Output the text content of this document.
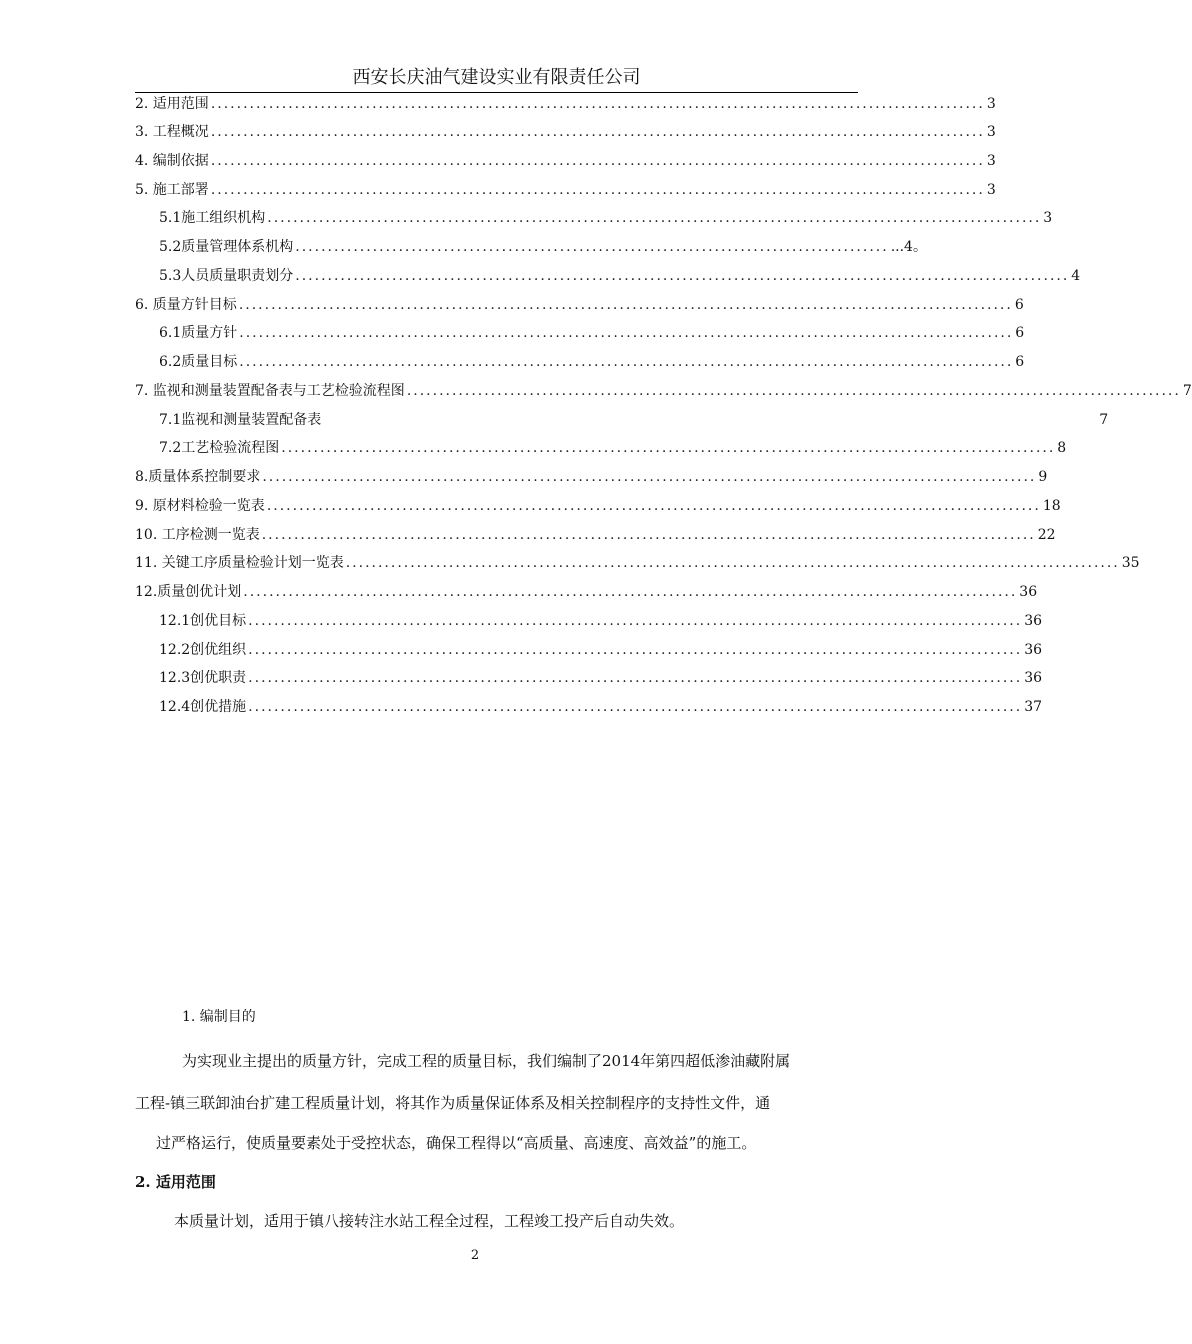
西安长庆油气建设实业有限责任公司
2. 适用范围 ........................................................................................................................ 3
3. 工程概况 ........................................................................................................................ 3
4. 编制依据 ........................................................................................................................ 3
5. 施工部署 ........................................................................................................................ 3
5.1施工组织机构 ........................................................................................................................ 3
5.2质量管理体系机构 ............................................................................................ ...4。
5.3人员质量职责划分 ........................................................................................................................ 4
6. 质量方针目标 ........................................................................................................................ 6
6.1质量方针 ........................................................................................................................ 6
6.2质量目标 ........................................................................................................................ 6
7. 监视和测量装置配备表与工艺检验流程图 ........................................................................................................................ 7
7.1监视和测量装置配备表	7
7.2工艺检验流程图 ........................................................................................................................ 8
8.质量体系控制要求 ........................................................................................................................ 9
9. 原材料检验一览表 ........................................................................................................................ 18
10. 工序检测一览表 ........................................................................................................................ 22
11. 关键工序质量检验计划一览表 ........................................................................................................................ 35
12.质量创优计划 ........................................................................................................................ 36
12.1创优目标 ........................................................................................................................ 36
12.2创优组织 ........................................................................................................................ 36
12.3创优职责 ........................................................................................................................ 36
12.4创优措施 ........................................................................................................................ 37
1. 编制目的
为实现业主提出的质量方针，完成工程的质量目标，我们编制了2014年第四超低渗油藏附属
工程-镇三联卸油台扩建工程质量计划，将其作为质量保证体系及相关控制程序的支持性文件，通
过严格运行，使质量要素处于受控状态，确保工程得以“高质量、高速度、高效益”的施工。
2. 适用范围
本质量计划，适用于镇八接转注水站工程全过程，工程竣工投产后自动失效。
2
